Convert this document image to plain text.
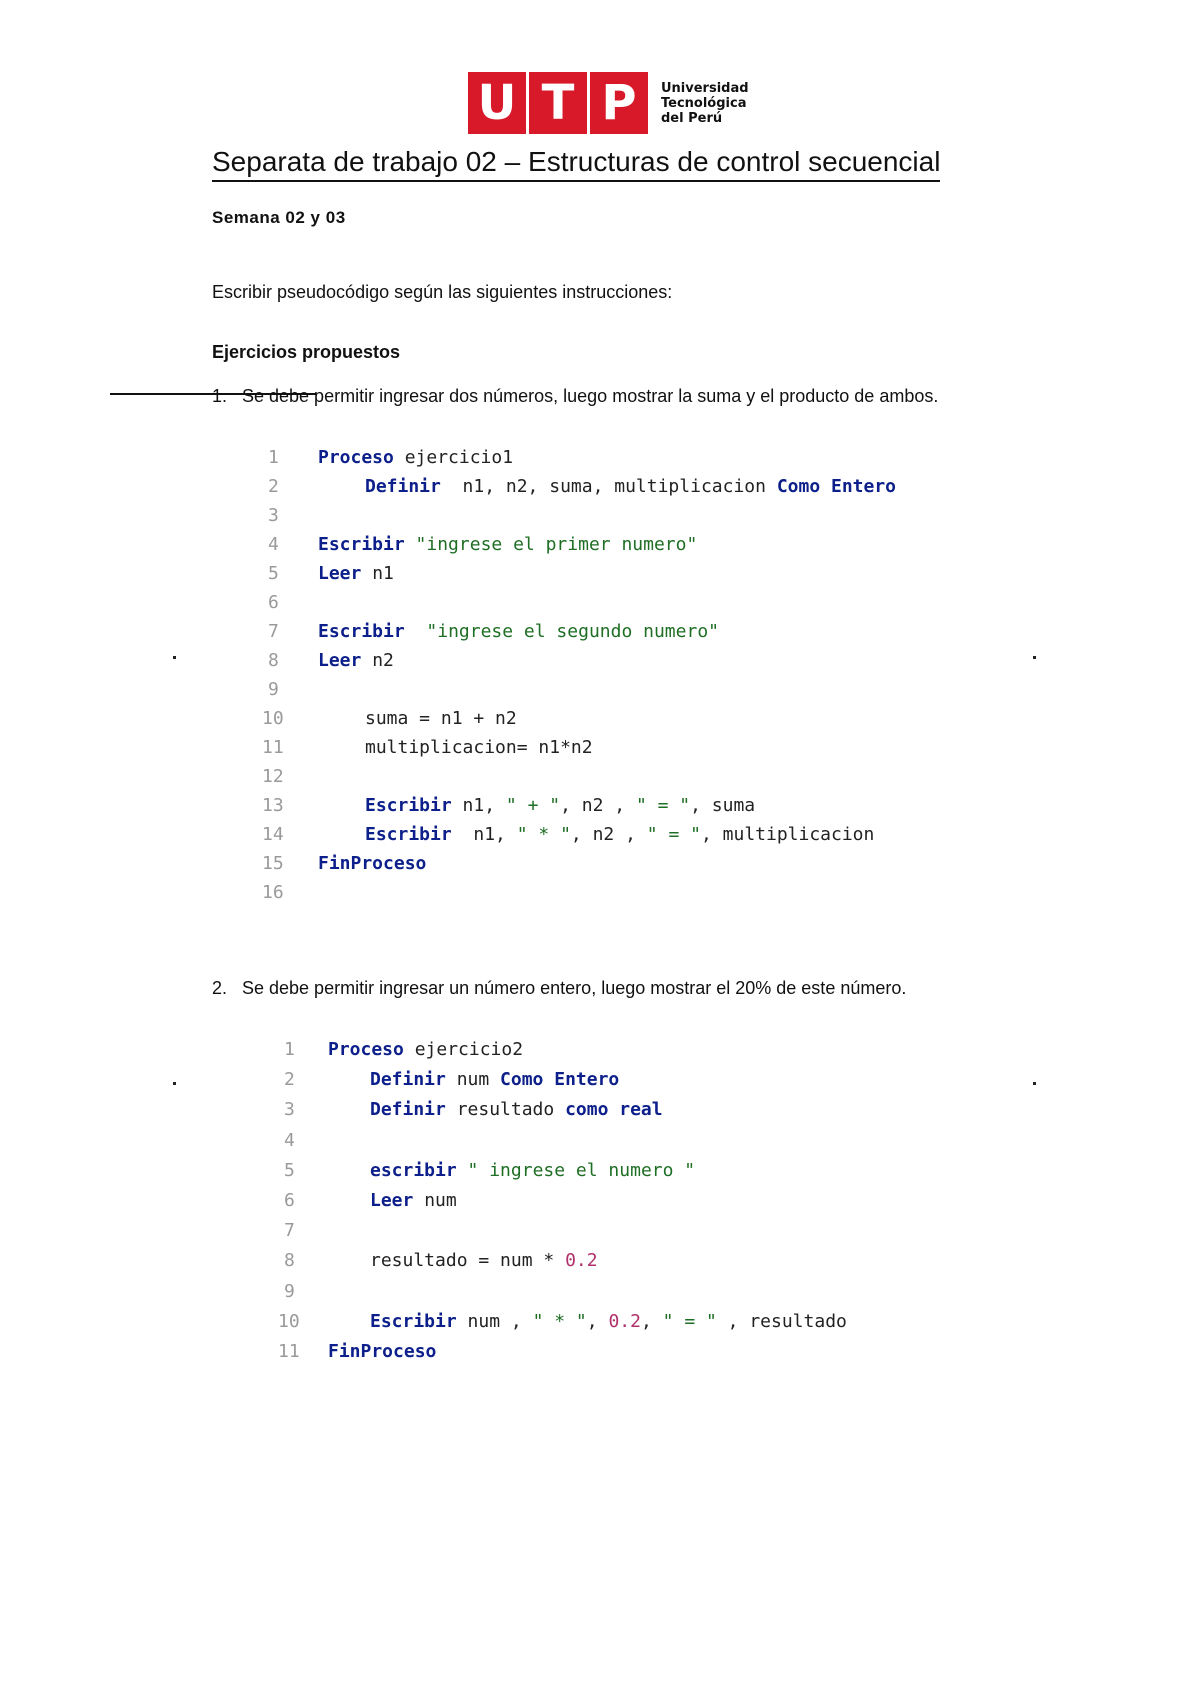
U T P	Universidad
Tecnológica
del Perú
Separata de trabajo 02 – Estructuras de control secuencial
Semana 02 y 03
Escribir pseudocódigo según las siguientes instrucciones:
Ejercicios propuestos
1. Se debe permitir ingresar dos números, luego mostrar la suma y el producto de ambos.
1 Proceso ejercicio1
2	Definir  n1, n2, suma, multiplicacion Como Entero
3
4 Escribir "ingrese el primer numero"
5 Leer n1
6
7 Escribir "ingrese el segundo numero"
8 Leer n2
9
10	suma = n1 + n2
11	multiplicacion= n1*n2
12
13	Escribir n1, " + ", n2 , " = ", suma
14	Escribir  n1, " * ", n2 , " = ", multiplicacion
15 FinProceso
16
2. Se debe permitir ingresar un número entero, luego mostrar el 20% de este número.
1 Proceso ejercicio2
2	Definir num Como Entero
3	Definir resultado como real
4
5	escribir " ingrese el numero "
6	Leer num
7
8	resultado = num * 0.2
9
10	Escribir num , " * ", 0.2, " = " , resultado
11 FinProceso
